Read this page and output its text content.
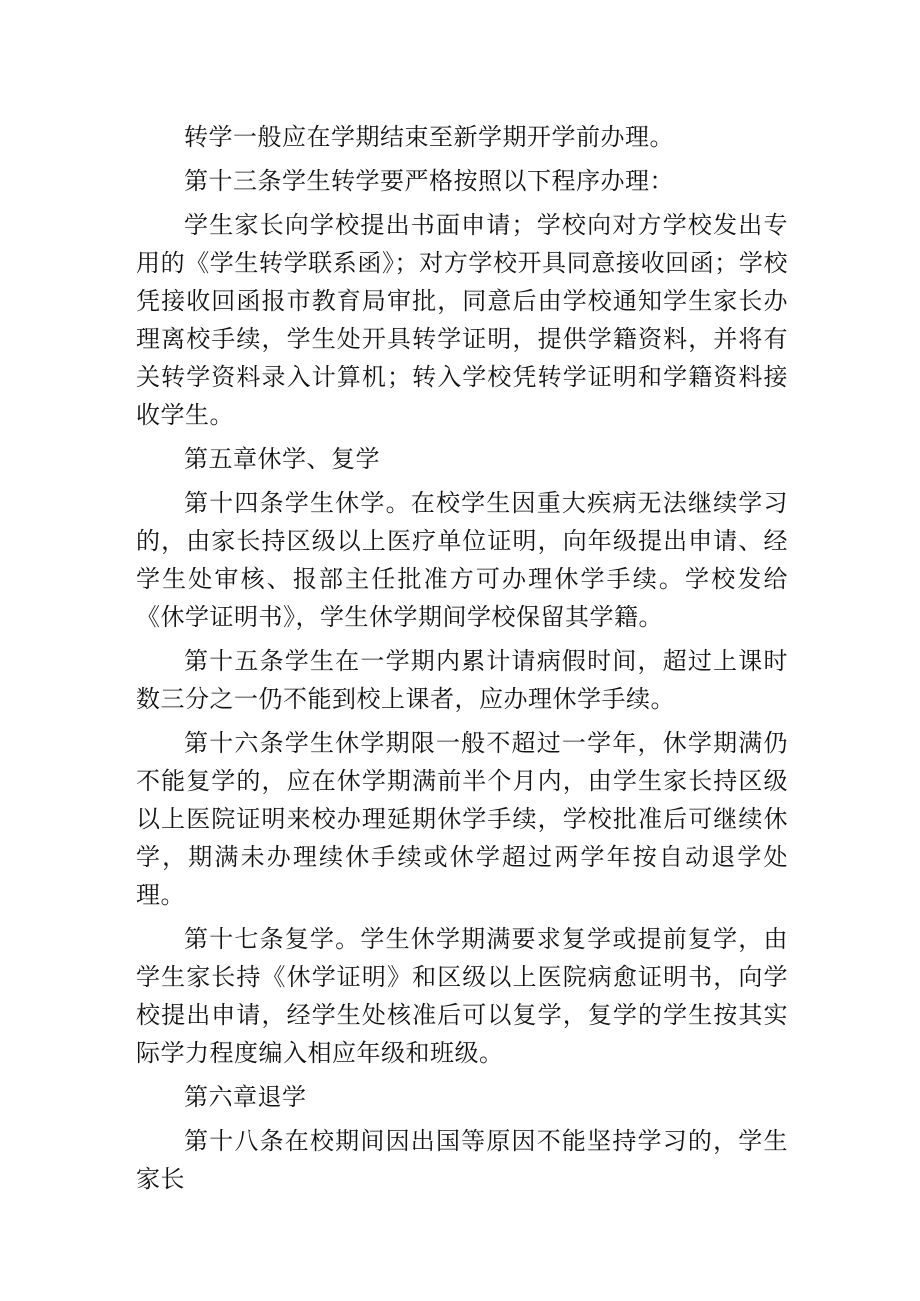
转学一般应在学期结束至新学期开学前办理。

第十三条学生转学要严格按照以下程序办理：

学生家长向学校提出书面申请；学校向对方学校发出专用的《学生转学联系函》；对方学校开具同意接收回函；学校凭接收回函报市教育局审批，同意后由学校通知学生家长办理离校手续，学生处开具转学证明，提供学籍资料，并将有关转学资料录入计算机；转入学校凭转学证明和学籍资料接收学生。

第五章休学、复学

第十四条学生休学。在校学生因重大疾病无法继续学习的，由家长持区级以上医疗单位证明，向年级提出申请、经学生处审核、报部主任批准方可办理休学手续。学校发给《休学证明书》，学生休学期间学校保留其学籍。

第十五条学生在一学期内累计请病假时间，超过上课时数三分之一仍不能到校上课者，应办理休学手续。

第十六条学生休学期限一般不超过一学年，休学期满仍不能复学的，应在休学期满前半个月内，由学生家长持区级以上医院证明来校办理延期休学手续，学校批准后可继续休学，期满未办理续休手续或休学超过两学年按自动退学处理。

第十七条复学。学生休学期满要求复学或提前复学，由学生家长持《休学证明》和区级以上医院病愈证明书，向学校提出申请，经学生处核准后可以复学，复学的学生按其实际学力程度编入相应年级和班级。

第六章退学

第十八条在校期间因出国等原因不能坚持学习的，学生家长
